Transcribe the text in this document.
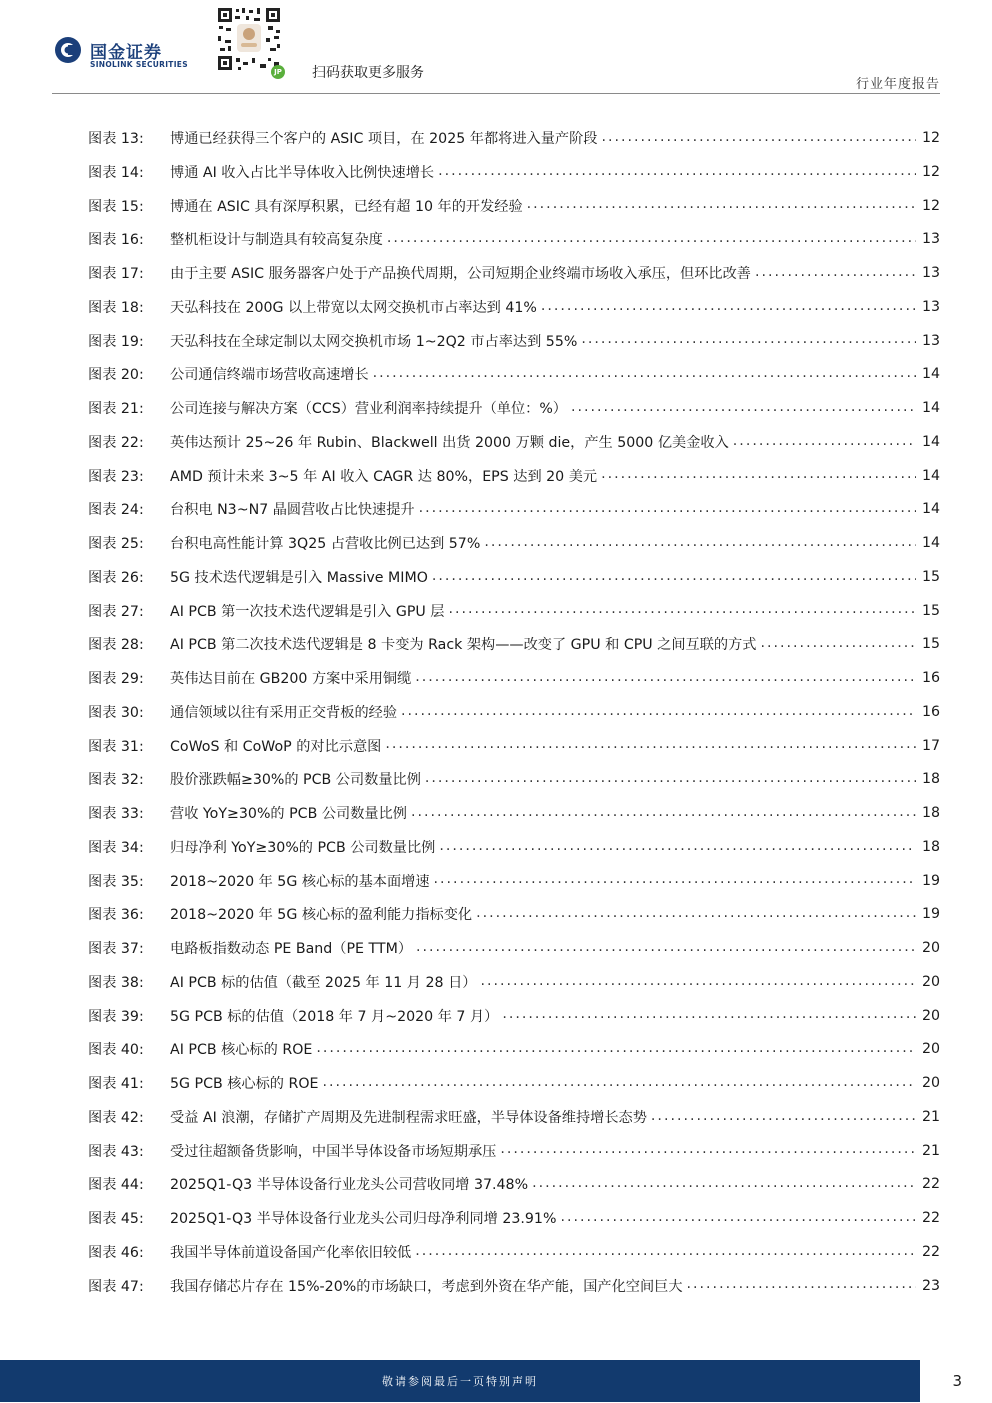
国金证券
SINOLINK SECURITIES
JP 扫码获取更多服务
行业年度报告
图表 13:	博通已经获得三个客户的 ASIC 项目，在 2025 年都将进入量产阶段 .....	12
图表 14:	博通 AI 收入占比半导体收入比例快速增长 .....	12
图表 15:	博通在 ASIC 具有深厚积累，已经有超 10 年的开发经验 .....	12
图表 16:	整机柜设计与制造具有较高复杂度 .....	13
图表 17:	由于主要 ASIC 服务器客户处于产品换代周期，公司短期企业终端市场收入承压，但环比改善 .....	13
图表 18:	天弘科技在 200G 以上带宽以太网交换机市占率达到 41% .....	13
图表 19:	天弘科技在全球定制以太网交换机市场 1~2Q2 市占率达到 55% .....	13
图表 20:	公司通信终端市场营收高速增长 .....	14
图表 21:	公司连接与解决方案（CCS）营业利润率持续提升（单位：%） .....	14
图表 22:	英伟达预计 25~26 年 Rubin、Blackwell 出货 2000 万颗 die，产生 5000 亿美金收入 .....	14
图表 23:	AMD 预计未来 3~5 年 AI 收入 CAGR 达 80%，EPS 达到 20 美元 .....	14
图表 24:	台积电 N3~N7 晶圆营收占比快速提升 .....	14
图表 25:	台积电高性能计算 3Q25 占营收比例已达到 57% .....	14
图表 26:	5G 技术迭代逻辑是引入 Massive MIMO .....	15
图表 27:	AI PCB 第一次技术迭代逻辑是引入 GPU 层 .....	15
图表 28:	AI PCB 第二次技术迭代逻辑是 8 卡变为 Rack 架构——改变了 GPU 和 CPU 之间互联的方式 .....	15
图表 29:	英伟达目前在 GB200 方案中采用铜缆 .....	16
图表 30:	通信领域以往有采用正交背板的经验 .....	16
图表 31:	CoWoS 和 CoWoP 的对比示意图 .....	17
图表 32:	股价涨跌幅≥30%的 PCB 公司数量比例 .....	18
图表 33:	营收 YoY≥30%的 PCB 公司数量比例 .....	18
图表 34:	归母净利 YoY≥30%的 PCB 公司数量比例 .....	18
图表 35:	2018~2020 年 5G 核心标的基本面增速 .....	19
图表 36:	2018~2020 年 5G 核心标的盈利能力指标变化 .....	19
图表 37:	电路板指数动态 PE Band（PE TTM） .....	20
图表 38:	AI PCB 标的估值（截至 2025 年 11 月 28 日） .....	20
图表 39:	5G PCB 标的估值（2018 年 7 月~2020 年 7 月） .....	20
图表 40:	AI PCB 核心标的 ROE .....	20
图表 41:	5G PCB 核心标的 ROE .....	20
图表 42:	受益 AI 浪潮，存储扩产周期及先进制程需求旺盛，半导体设备维持增长态势 .....	21
图表 43:	受过往超额备货影响，中国半导体设备市场短期承压 .....	21
图表 44:	2025Q1-Q3 半导体设备行业龙头公司营收同增 37.48% .....	22
图表 45:	2025Q1-Q3 半导体设备行业龙头公司归母净利同增 23.91% .....	22
图表 46:	我国半导体前道设备国产化率依旧较低 .....	22
图表 47:	我国存储芯片存在 15%-20%的市场缺口，考虑到外资在华产能，国产化空间巨大 .....	23
敬请参阅最后一页特别声明	3
